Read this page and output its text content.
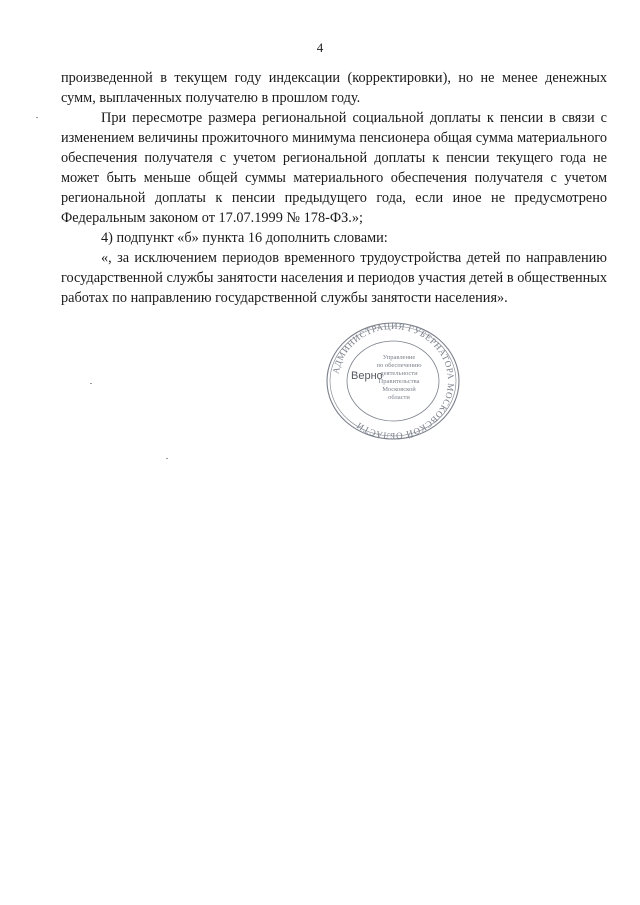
4

произведенной в текущем году индексации (корректировки), но не менее денежных сумм, выплаченных получателю в прошлом году.

При пересмотре размера региональной социальной доплаты к пенсии в связи с изменением величины прожиточного минимума пенсионера общая сумма материального обеспечения получателя с учетом региональной доплаты к пенсии текущего года не может быть меньше общей суммы материального обеспечения получателя с учетом региональной доплаты к пенсии предыдущего года, если иное не предусмотрено Федеральным законом от 17.07.1999 № 178-ФЗ.»;

4) подпункт «б» пункта 16 дополнить словами:

«, за исключением периодов временного трудоустройства детей по направлению государственной службы занятости населения и периодов участия детей в общественных работах по направлению государственной службы занятости населения».

АДМИНИСТРАЦИЯ ГУБЕРНАТОРА МОСКОВСКОЙ ОБЛАСТИ
Управление
по обеспечению
деятельности
Правительства
Московской
области
Верно
